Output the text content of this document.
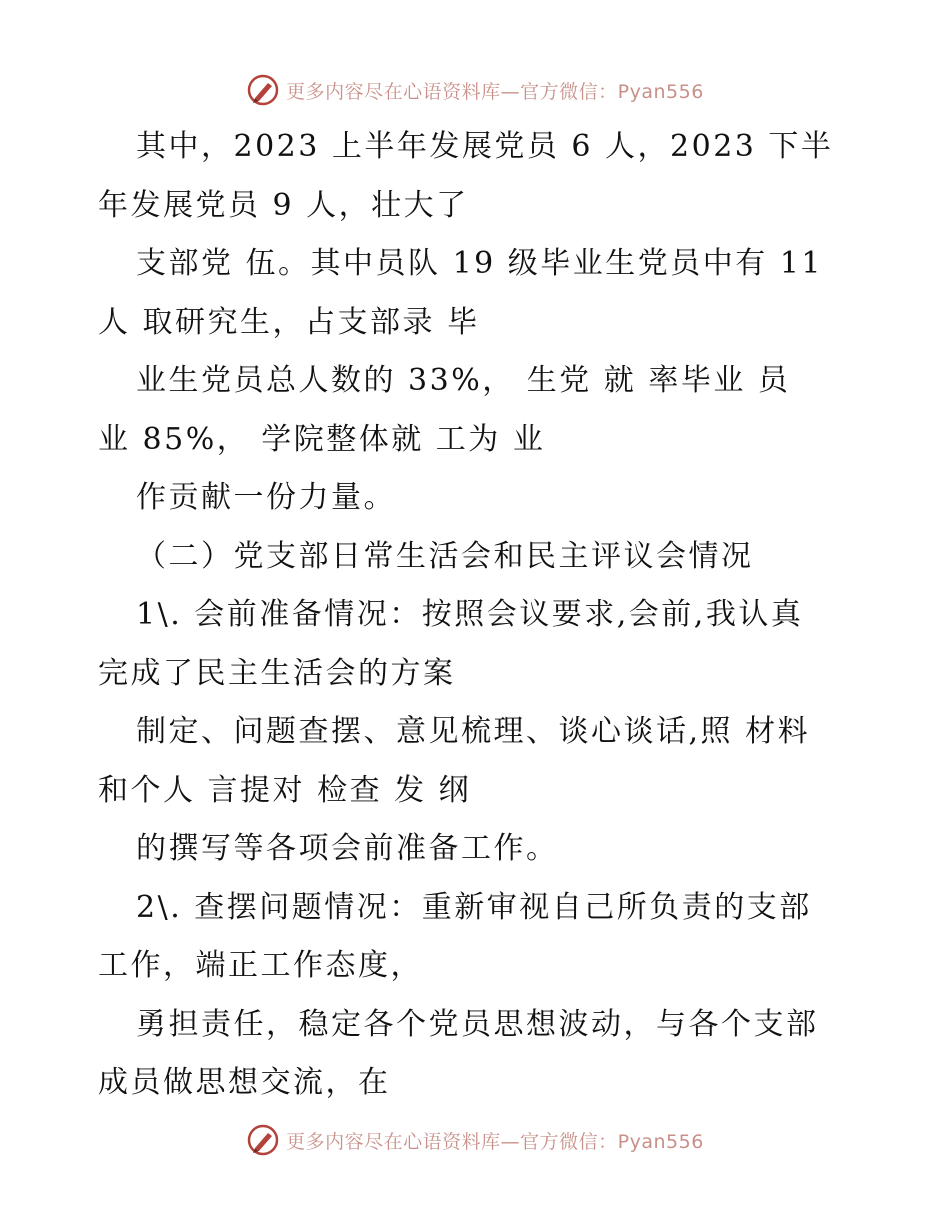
更多内容尽在心语资料库—官方微信：Pyan556
其中，2023 上半年发展党员 6 人，2023 下半
年发展党员 9 人，壮大了
支部党 伍。其中员队 19 级毕业生党员中有 11
人 取研究生，占支部录 毕
业生党员总人数的 33%， 生党 就 率毕业 员
业 85%， 学院整体就 工为 业
作贡献一份力量。
（二）党支部日常生活会和民主评议会情况
1\. 会前准备情况：按照会议要求,会前,我认真
完成了民主生活会的方案
制定、问题查摆、意见梳理、谈心谈话,照 材料
和个人 言提对 检查 发 纲
的撰写等各项会前准备工作。
2\. 查摆问题情况：重新审视自己所负责的支部
工作，端正工作态度，
勇担责任，稳定各个党员思想波动，与各个支部
成员做思想交流，在
更多内容尽在心语资料库—官方微信：Pyan556
